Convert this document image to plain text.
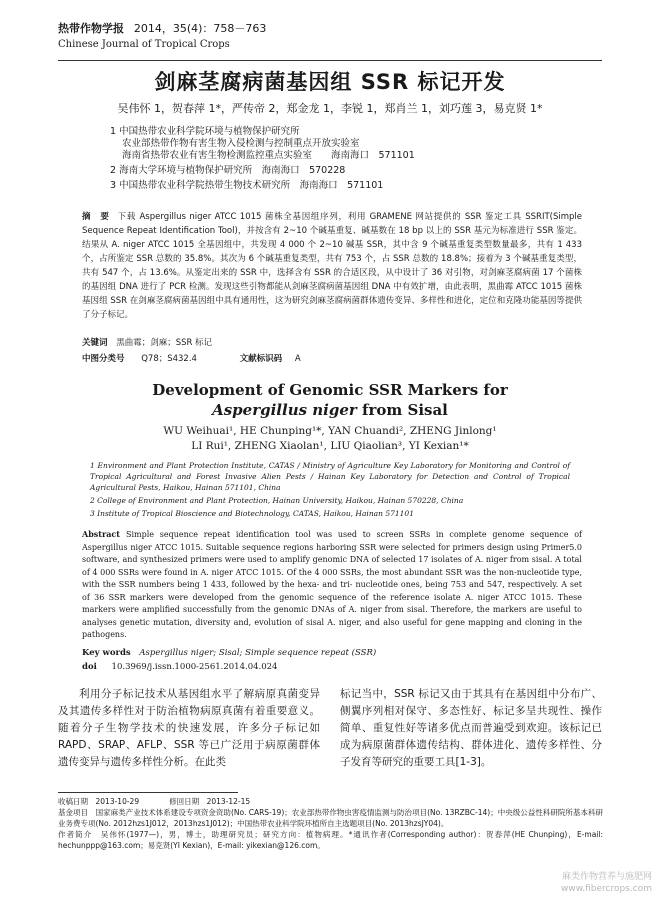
热带作物学报 2014，35(4)：758－763
Chinese Journal of Tropical Crops
剑麻茎腐病菌基因组 SSR 标记开发
吴伟怀 1，贺春萍 1*，严传帝 2，郑金龙 1，李锐 1，郑肖兰 1，刘巧莲 3，易克贤 1*
1 中国热带农业科学院环境与植物保护研究所
农业部热带作物有害生物入侵检测与控制重点开放实验室
海南省热带农业有害生物检测监控重点实验室　　海南海口　571101
2 海南大学环境与植物保护研究所　海南海口　570228
3 中国热带农业科学院热带生物技术研究所　海南海口　571101
摘　要 下载 Aspergillus niger ATCC 1015 菌株全基因组序列，利用 GRAMENE 网站提供的 SSR 鉴定工具 SSRIT(Simple Sequence Repeat Identification Tool)，并按含有 2~10 个碱基重复、碱基数在 18 bp 以上的 SSR 基元为标准进行 SSR 鉴定。结果从 A. niger ATCC 1015 全基因组中，共发现 4 000 个 2~10 碱基 SSR，其中含 9 个碱基重复类型数量最多，共有 1 433 个，占所鉴定 SSR 总数的 35.8%。其次为 6 个碱基重复类型，共有 753 个，占 SSR 总数的 18.8%；接着为 3 个碱基重复类型，共有 547 个，占 13.6%。从鉴定出来的 SSR 中，选择含有 SSR 的合适区段，从中设计了 36 对引物，对剑麻茎腐病菌 17 个菌株的基因组 DNA 进行了 PCR 检测。发现这些引物都能从剑麻茎腐病菌基因组 DNA 中有效扩增，由此表明，黑曲霉 ATCC 1015 菌株基因组 SSR 在剑麻茎腐病菌基因组中具有通用性，这为研究剑麻茎腐病菌群体遗传变异、多样性和进化，定位和克隆功能基因等提供了分子标记。
关键词 黑曲霉；剑麻；SSR 标记
中图分类号 Q78；S432.4	文献标识码 A
Development of Genomic SSR Markers for
Aspergillus niger from Sisal
WU Weihuai¹, HE Chunping¹*, YAN Chuandi², ZHENG Jinlong¹
LI Rui¹, ZHENG Xiaolan¹, LIU Qiaolian³, YI Kexian¹*
1 Environment and Plant Protection Institute, CATAS / Ministry of Agriculture Key Laboratory for Monitoring and Control of Tropical Agricultural and Forest Invasive Alien Pests / Hainan Key Laboratory for Detection and Control of Tropical Agricultural Pests, Haikou, Hainan 571101, China
2 College of Environment and Plant Protection, Hainan University, Haikou, Hainan 570228, China
3 Institute of Tropical Bioscience and Biotechnology, CATAS, Haikou, Hainan 571101
Abstract Simple sequence repeat identification tool was used to screen SSRs in complete genome sequence of Aspergillus niger ATCC 1015. Suitable sequence regions harboring SSR were selected for primers design using Primer5.0 software, and synthesized primers were used to amplify genomic DNA of selected 17 isolates of A. niger from sisal. A total of 4 000 SSRs were found in A. niger ATCC 1015. Of the 4 000 SSRs, the most abundant SSR was the non-nucleotide type, with the SSR numbers being 1 433, followed by the hexa- and tri- nucleotide ones, being 753 and 547, respectively. A set of 36 SSR markers were developed from the genomic sequence of the reference isolate A. niger ATCC 1015. These markers were amplified successfully from the genomic DNAs of A. niger from sisal. Therefore, the markers are useful to analyses genetic mutation, diversity and, evolution of sisal A. niger, and also useful for gene mapping and cloning in the pathogens.
Key words Aspergillus niger; Sisal; Simple sequence repeat (SSR)
doi 10.3969/j.issn.1000-2561.2014.04.024

利用分子标记技术从基因组水平了解病原真菌变异及其遗传多样性对于防治植物病原真菌有着重要意义。随着分子生物学技术的快速发展，许多分子标记如 RAPD、SRAP、AFLP、SSR 等已广泛用于病原菌群体遗传变异与遗传多样性分析。在此类

标记当中，SSR 标记又由于其具有在基因组中分布广、侧翼序列相对保守、多态性好、标记多呈共现性、操作简单、重复性好等诸多优点而普遍受到欢迎。该标记已成为病原菌群体遗传结构、群体进化、遗传多样性、分子发育等研究的重要工具[1-3]。

收稿日期　2013-10-29　　　　修回日期　2013-12-15
基金项目　国家麻类产业技术体系建设专项资金资助(No. CARS-19)；农业部热带作物虫害疫情监测与防治项目(No. 13RZBC-14)；中央级公益性科研院所基本科研业务费专项(No. 2012hzs1J012，2013hzs1J012)；中国热带农业科学院环植所自主选题项目(No. 2013hzsJY04)。
作者简介　吴伟怀(1977—)，男，博士，助理研究员；研究方向：植物病理。*通讯作者(Corresponding author)：贺春萍(HE Chunping)，E-mail: hechunppp@163.com；易克贤(YI Kexian)，E-mail: yikexian@126.com。
麻类作物营养与施肥网 www.fibercrops.com
